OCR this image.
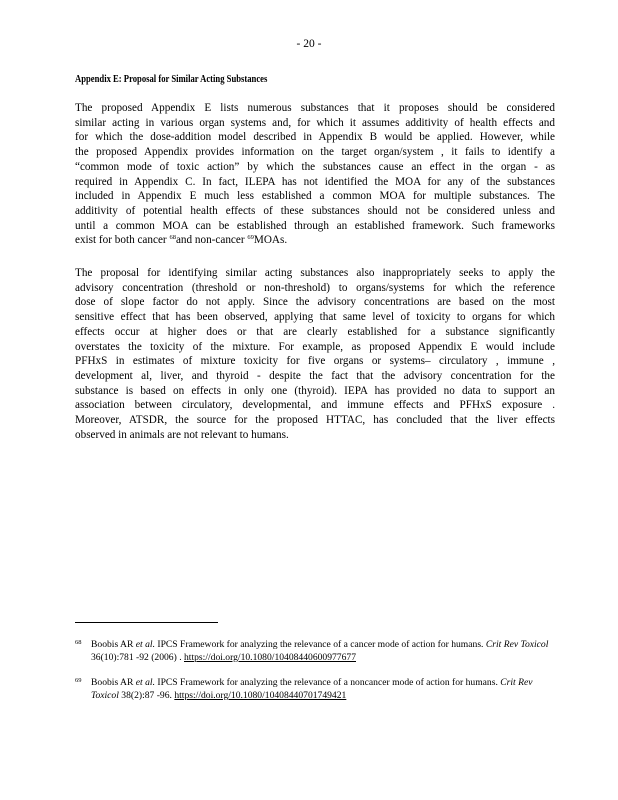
- 20 -
Appendix E: Proposal for Similar Acting Substances
The proposed Appendix E lists numerous substances that it proposes should be considered
similar acting in various organ systems and, for which it assumes additivity of health effects and
for which the dose-addition model described in Appendix B would be applied. However, while
the proposed Appendix provides information on the target organ/system , it fails to identify a
“common mode of toxic action” by which the substances cause an effect in the organ - as
required in Appendix C. In fact, ILEPA has not identified the MOA for any of the substances
included in Appendix E much less established a common MOA for multiple substances. The
additivity of potential health effects of these substances should not be considered unless and
until a common MOA can be established through an established framework. Such frameworks
exist for both cancer $^{68}$and non-cancer $^{69}$MOAs.
The proposal for identifying similar acting substances also inappropriately seeks to apply the
advisory concentration (threshold or non-threshold) to organs/systems for which the reference
dose of slope factor do not apply. Since the advisory concentrations are based on the most
sensitive effect that has been observed, applying that same level of toxicity to organs for which
effects occur at higher does or that are clearly established for a substance significantly
overstates the toxicity of the mixture. For example, as proposed Appendix E would include
PFHxS in estimates of mixture toxicity for five organs or systems– circulatory , immune ,
development al, liver, and thyroid - despite the fact that the advisory concentration for the
substance is based on effects in only one (thyroid). IEPA has provided no data to support an
association between circulatory, developmental, and immune effects and PFHxS exposure .
Moreover, ATSDR, the source for the proposed HTTAC, has concluded that the liver effects
observed in animals are not relevant to humans.
68 Boobis AR et al. IPCS Framework for analyzing the relevance of a cancer mode of action for humans. Crit Rev Toxicol 36(10):781 -92 (2006) . https://doi.org/10.1080/10408440600977677
69 Boobis AR et al. IPCS Framework for analyzing the relevance of a noncancer mode of action for humans. Crit Rev Toxicol 38(2):87 -96. https://doi.org/10.1080/10408440701749421
